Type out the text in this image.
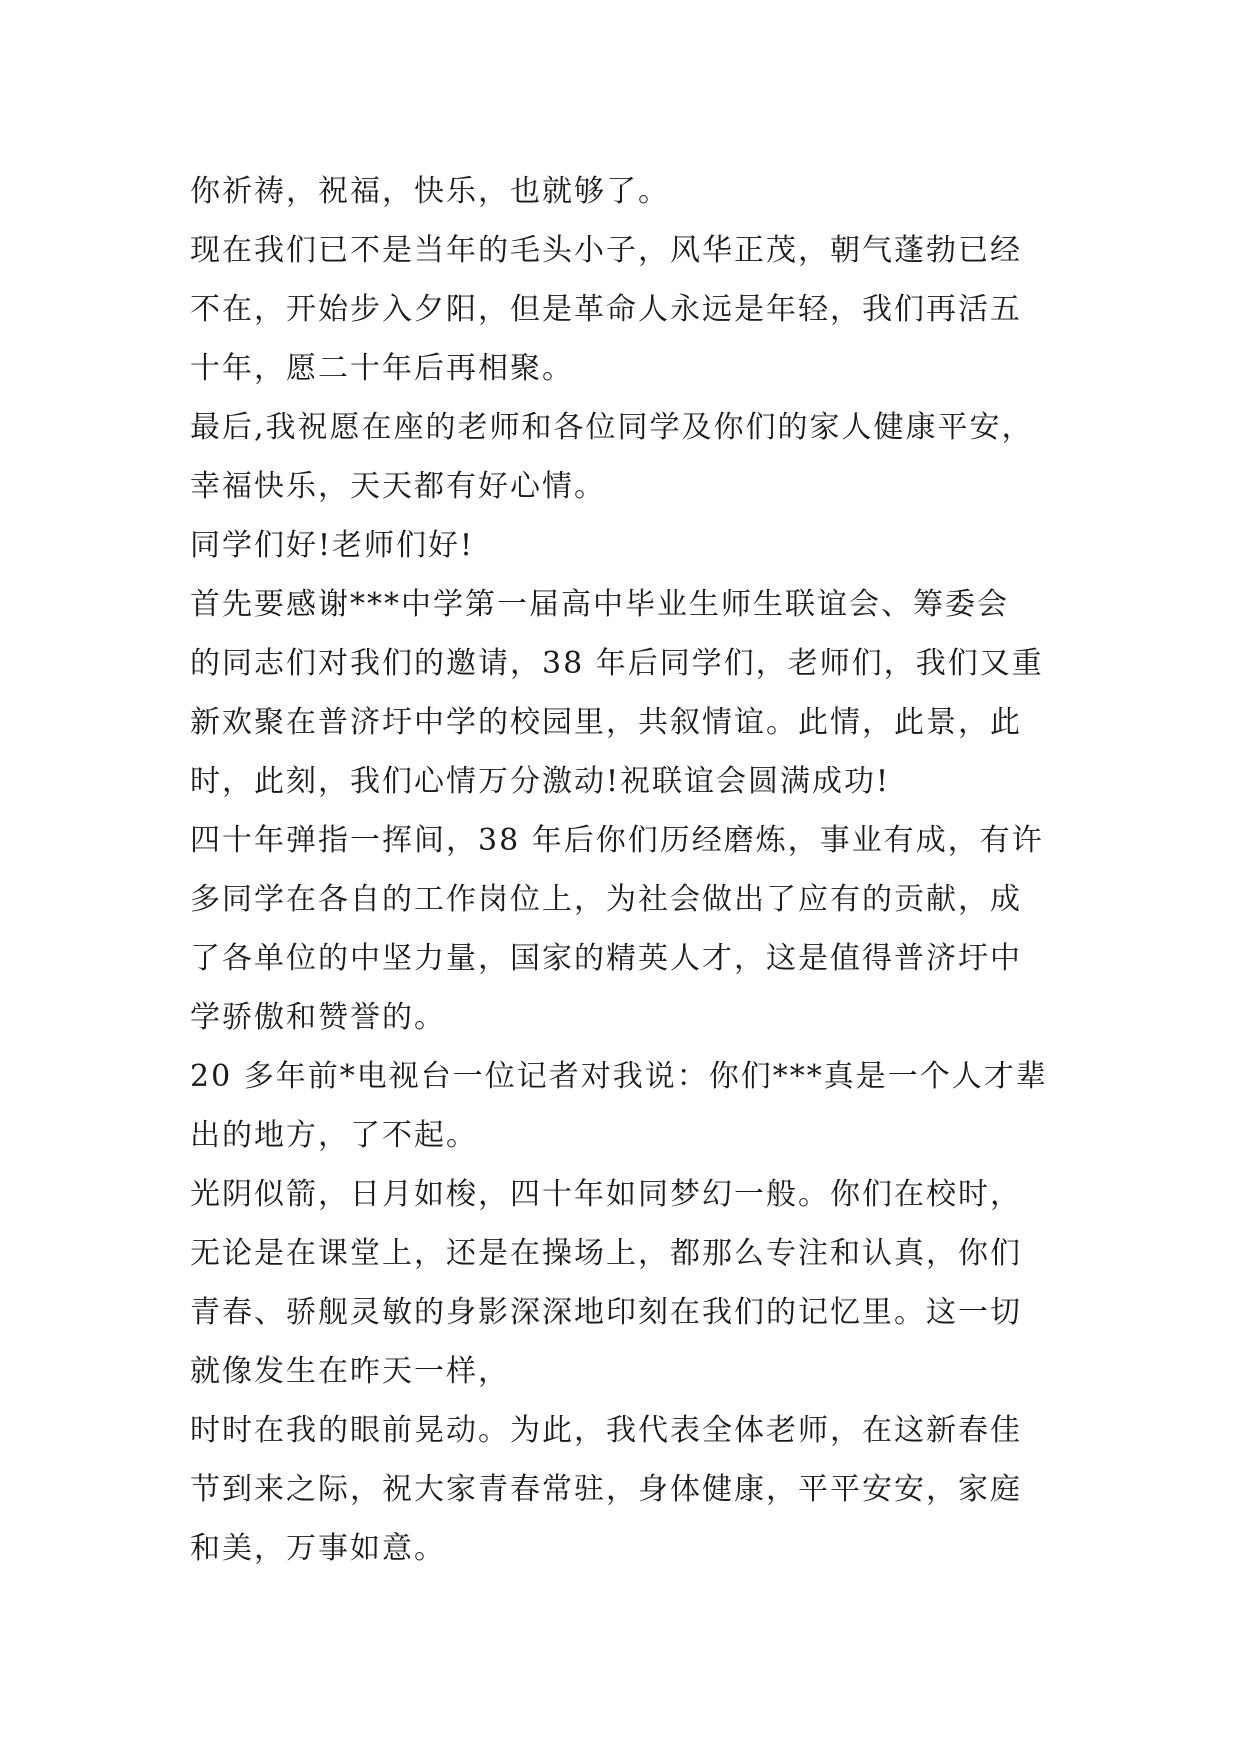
你祈祷，祝福，快乐，也就够了。
现在我们已不是当年的毛头小子，风华正茂，朝气蓬勃已经
不在，开始步入夕阳，但是革命人永远是年轻，我们再活五
十年，愿二十年后再相聚。
最后,我祝愿在座的老师和各位同学及你们的家人健康平安，
幸福快乐，天天都有好心情。
同学们好!老师们好!
首先要感谢***中学第一届高中毕业生师生联谊会、筹委会
的同志们对我们的邀请，38 年后同学们，老师们，我们又重
新欢聚在普济圩中学的校园里，共叙情谊。此情，此景，此
时，此刻，我们心情万分激动!祝联谊会圆满成功!
四十年弹指一挥间，38 年后你们历经磨炼，事业有成，有许
多同学在各自的工作岗位上，为社会做出了应有的贡献，成
了各单位的中坚力量，国家的精英人才，这是值得普济圩中
学骄傲和赞誉的。
20 多年前*电视台一位记者对我说：你们***真是一个人才辈
出的地方，了不起。
光阴似箭，日月如梭，四十年如同梦幻一般。你们在校时，
无论是在课堂上，还是在操场上，都那么专注和认真，你们
青春、骄舰灵敏的身影深深地印刻在我们的记忆里。这一切
就像发生在昨天一样，
时时在我的眼前晃动。为此，我代表全体老师，在这新春佳
节到来之际，祝大家青春常驻，身体健康，平平安安，家庭
和美，万事如意。
